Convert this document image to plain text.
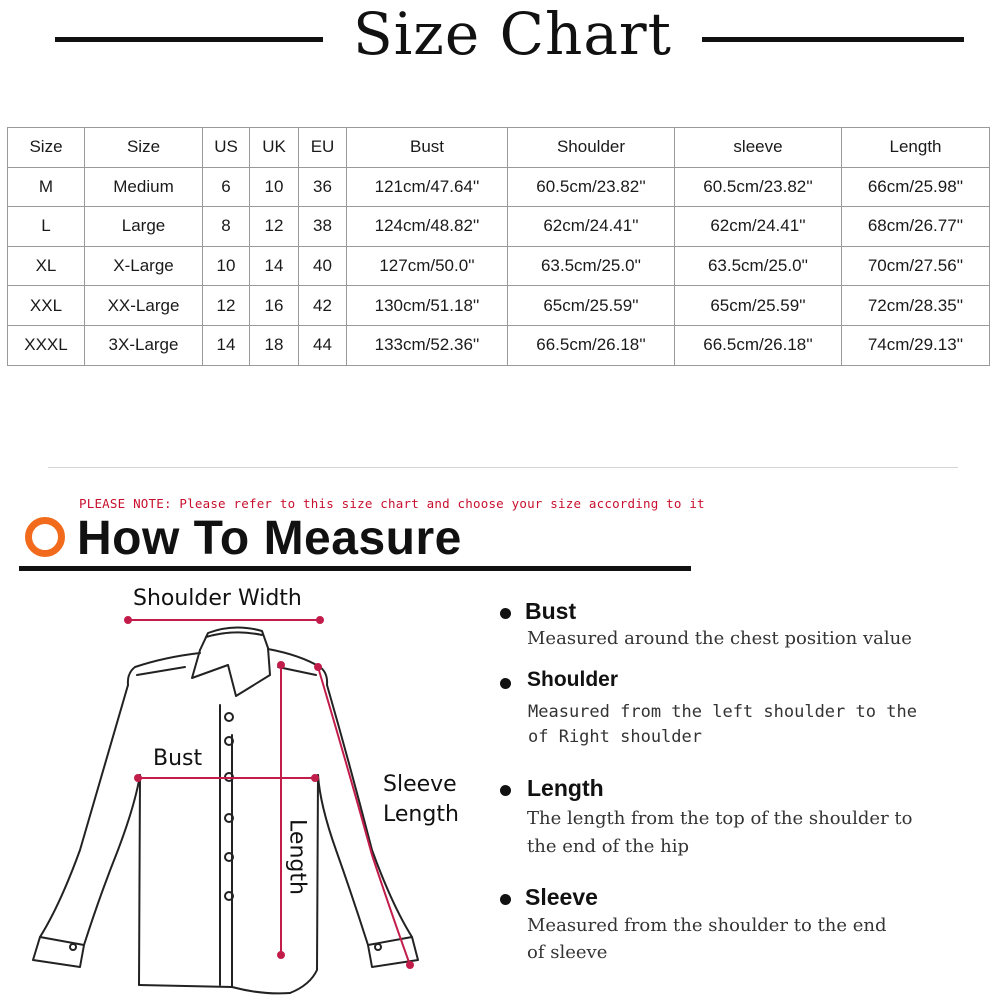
Size Chart
Size	Size	US	UK	EU	Bust	Shoulder	sleeve	Length
M	Medium	6	10	36	121cm/47.64''	60.5cm/23.82''	60.5cm/23.82''	66cm/25.98''
L	Large	8	12	38	124cm/48.82''	62cm/24.41''	62cm/24.41''	68cm/26.77''
XL	X-Large	10	14	40	127cm/50.0''	63.5cm/25.0''	63.5cm/25.0''	70cm/27.56''
XXL	XX-Large	12	16	42	130cm/51.18''	65cm/25.59''	65cm/25.59''	72cm/28.35''
XXXL	3X-Large	14	18	44	133cm/52.36''	66.5cm/26.18''	66.5cm/26.18''	74cm/29.13''
PLEASE NOTE: Please refer to this size chart and choose your size according to it
How To Measure
Shoulder Width
Bust
Sleeve
Length
Length
Bust
Measured around the chest position value
Shoulder
Measured from the left shoulder to the
of Right shoulder
Length
The length from the top of the shoulder to
the end of the hip
Sleeve
Measured from the shoulder to the end
of sleeve
